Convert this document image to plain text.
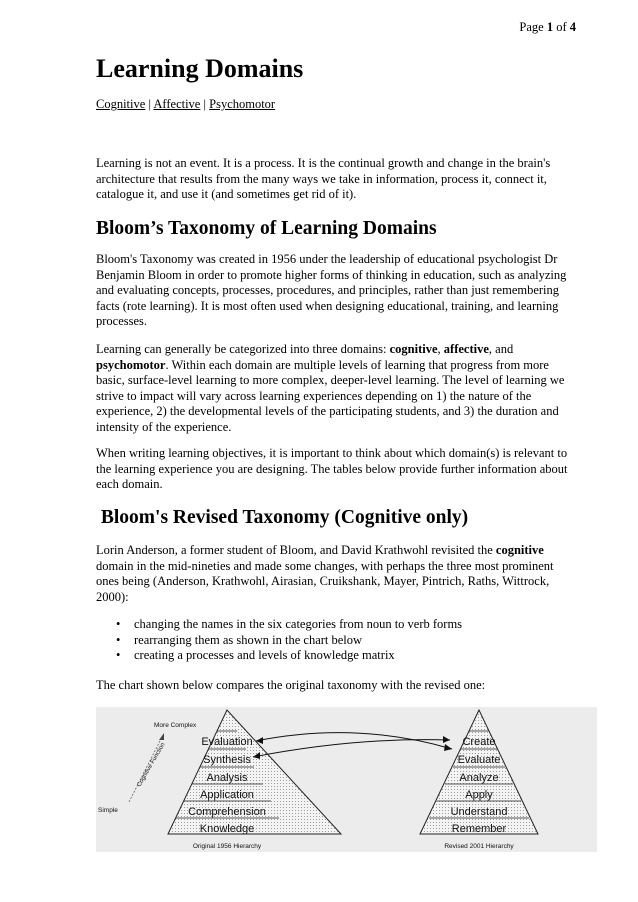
Page 1 of 4
Learning Domains
Cognitive | Affective | Psychomotor

Learning is not an event. It is a process. It is the continual growth and change in the brain's architecture that results from the many ways we take in information, process it, connect it, catalogue it, and use it (and sometimes get rid of it).

Bloom’s Taxonomy of Learning Domains

Bloom's Taxonomy was created in 1956 under the leadership of educational psychologist Dr Benjamin Bloom in order to promote higher forms of thinking in education, such as analyzing and evaluating concepts, processes, procedures, and principles, rather than just remembering facts (rote learning). It is most often used when designing educational, training, and learning processes.

Learning can generally be categorized into three domains: cognitive, affective, and psychomotor. Within each domain are multiple levels of learning that progress from more basic, surface-level learning to more complex, deeper-level learning. The level of learning we strive to impact will vary across learning experiences depending on 1) the nature of the experience, 2) the developmental levels of the participating students, and 3) the duration and intensity of the experience.

When writing learning objectives, it is important to think about which domain(s) is relevant to the learning experience you are designing. The tables below provide further information about each domain.

Bloom's Revised Taxonomy (Cognitive only)

Lorin Anderson, a former student of Bloom, and David Krathwohl revisited the cognitive domain in the mid-nineties and made some changes, with perhaps the three most prominent ones being (Anderson, Krathwohl, Airasian, Cruikshank, Mayer, Pintrich, Raths, Wittrock, 2000):

• changing the names in the six categories from noun to verb forms
• rearranging them as shown in the chart below
• creating a processes and levels of knowledge matrix

The chart shown below compares the original taxonomy with the revised one:

Evaluation
Synthesis
Analysis
Application
Comprehension
Knowledge
Create
Evaluate
Analyze
Apply
Understand
Remember
More Complex
Simple
Cognitive Function
Original 1956 Hierarchy	Revised 2001 Hierarchy
